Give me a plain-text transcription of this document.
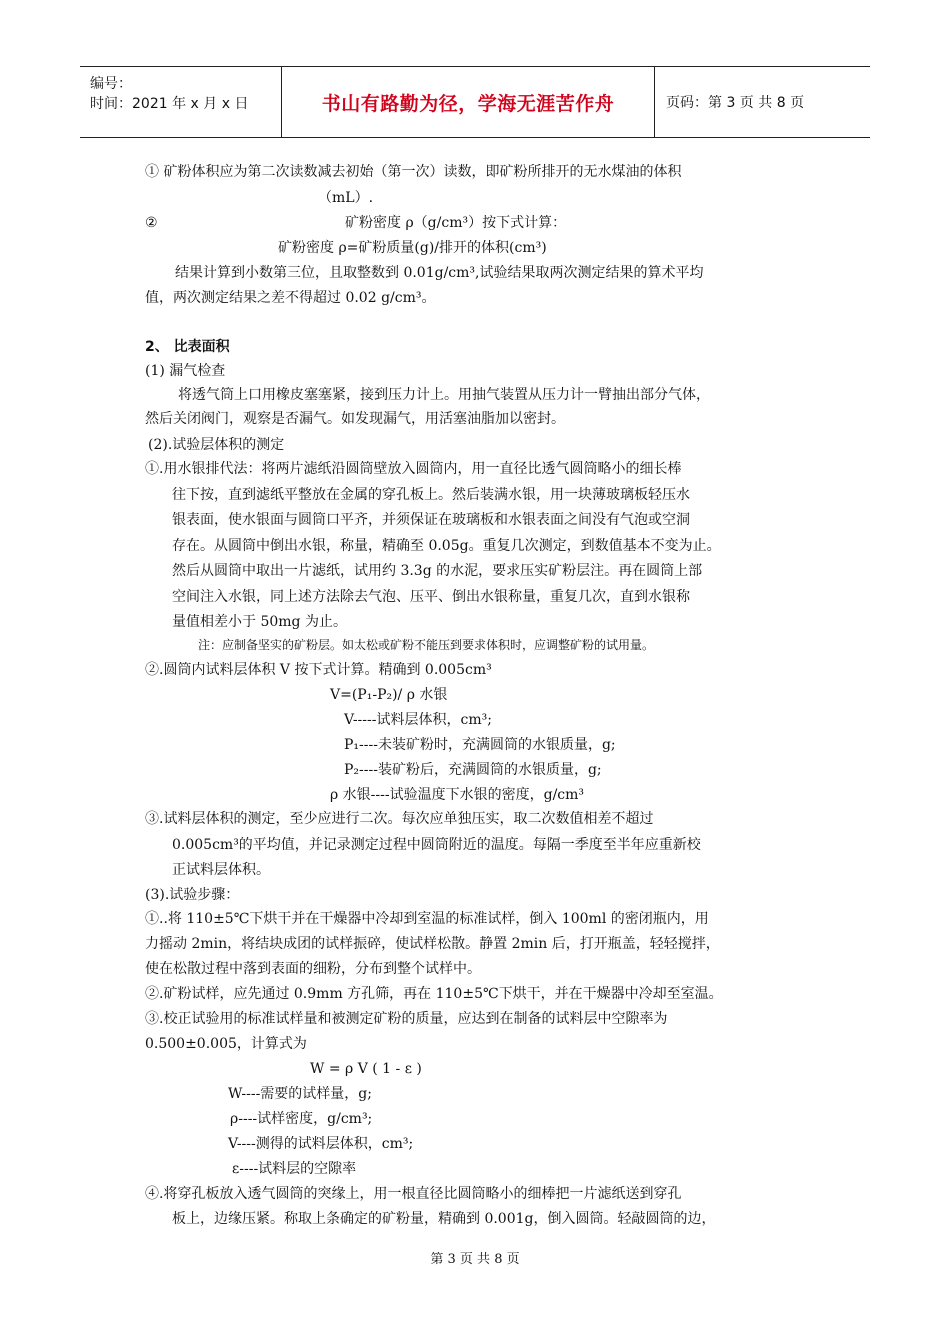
编号：
时间：2021 年 x 月 x 日	书山有路勤为径，学海无涯苦作舟	页码：第 3 页 共 8 页
① 矿粉体积应为第二次读数减去初始（第一次）读数，即矿粉所排开的无水煤油的体积
（mL）.
②	矿粉密度 ρ（g/cm³）按下式计算：
矿粉密度 ρ=矿粉质量(g)/排开的体积(cm³)
结果计算到小数第三位，且取整数到 0.01g/cm³,试验结果取两次测定结果的算术平均
值，两次测定结果之差不得超过 0.02 g/cm³。
2、 比表面积
(1) 漏气检查
将透气筒上口用橡皮塞塞紧，接到压力计上。用抽气装置从压力计一臂抽出部分气体，
然后关闭阀门，观察是否漏气。如发现漏气，用活塞油脂加以密封。
(2).试验层体积的测定
①.用水银排代法：将两片滤纸沿圆筒壁放入圆筒内，用一直径比透气圆筒略小的细长棒
往下按，直到滤纸平整放在金属的穿孔板上。然后装满水银，用一块薄玻璃板轻压水
银表面，使水银面与圆筒口平齐，并须保证在玻璃板和水银表面之间没有气泡或空洞
存在。从圆筒中倒出水银，称量，精确至 0.05g。重复几次测定，到数值基本不变为止。
然后从圆筒中取出一片滤纸，试用约 3.3g 的水泥，要求压实矿粉层注。再在圆筒上部
空间注入水银，同上述方法除去气泡、压平、倒出水银称量，重复几次，直到水银称
量值相差小于 50mg 为止。
注：应制备坚实的矿粉层。如太松或矿粉不能压到要求体积时，应调整矿粉的试用量。
②.圆筒内试料层体积 V 按下式计算。精确到 0.005cm³
V=(P₁-P₂)/ ρ 水银
V-----试料层体积，cm³;
P₁----未装矿粉时，充满圆筒的水银质量，g;
P₂----装矿粉后，充满圆筒的水银质量，g;
ρ 水银----试验温度下水银的密度，g/cm³
③.试料层体积的测定，至少应进行二次。每次应单独压实，取二次数值相差不超过
0.005cm³的平均值，并记录测定过程中圆筒附近的温度。每隔一季度至半年应重新校
正试料层体积。
(3).试验步骤：
①..将 110±5℃下烘干并在干燥器中冷却到室温的标准试样，倒入 100ml 的密闭瓶内，用
力摇动 2min，将结块成团的试样振碎，使试样松散。静置 2min 后，打开瓶盖，轻轻搅拌，
使在松散过程中落到表面的细粉，分布到整个试样中。
②.矿粉试样，应先通过 0.9mm 方孔筛，再在 110±5℃下烘干，并在干燥器中冷却至室温。
③.校正试验用的标准试样量和被测定矿粉的质量，应达到在制备的试料层中空隙率为
0.500±0.005，计算式为
W = ρ V ( 1 - ε )
W----需要的试样量，g;
ρ----试样密度，g/cm³;
V----测得的试料层体积，cm³;
ε----试料层的空隙率
④.将穿孔板放入透气圆筒的突缘上，用一根直径比圆筒略小的细棒把一片滤纸送到穿孔
板上，边缘压紧。称取上条确定的矿粉量，精确到 0.001g，倒入圆筒。轻敲圆筒的边，
第 3 页 共 8 页
